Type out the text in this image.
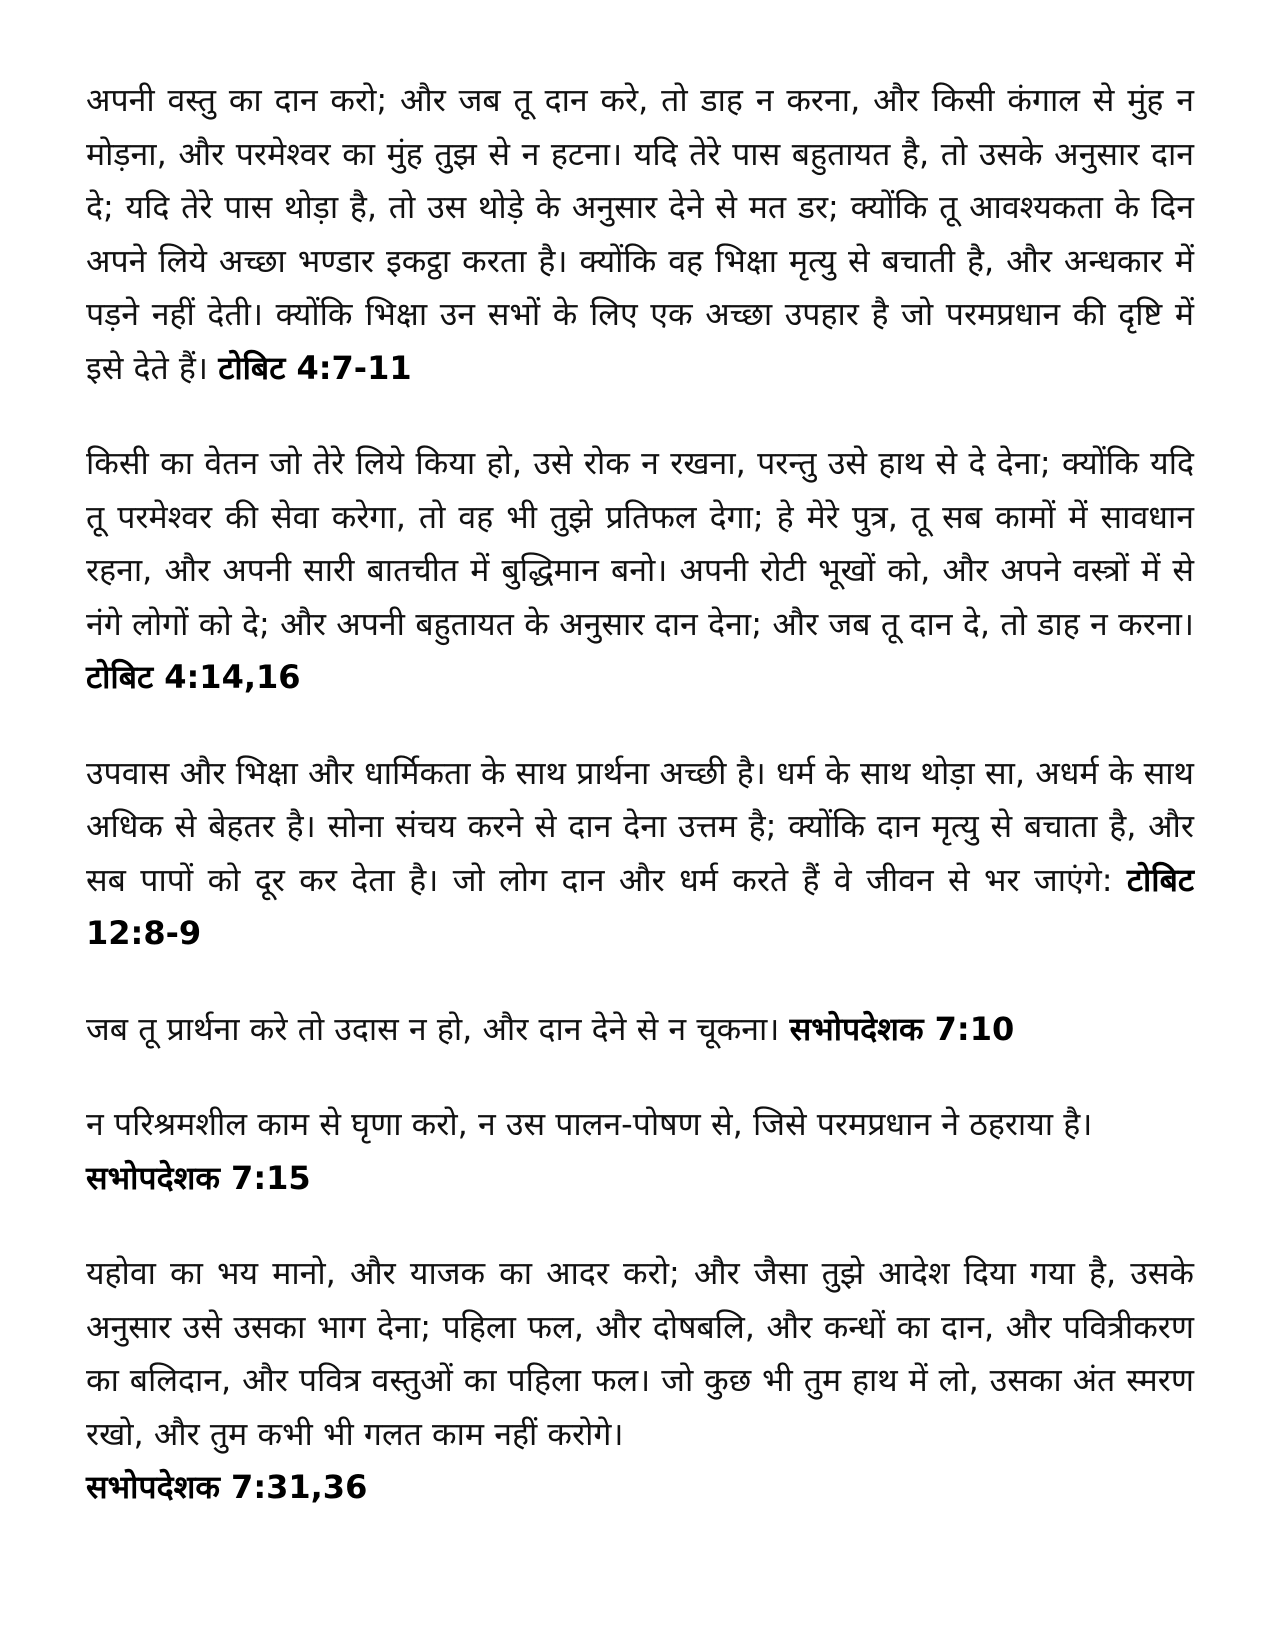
अपनी वस्तु का दान करो; और जब तू दान करे, तो डाह न करना, और किसी कंगाल से मुंह न मोड़ना, और परमेश्वर का मुंह तुझ से न हटना। यदि तेरे पास बहुतायत है, तो उसके अनुसार दान दे; यदि तेरे पास थोड़ा है, तो उस थोड़े के अनुसार देने से मत डर; क्योंकि तू आवश्यकता के दिन अपने लिये अच्छा भण्डार इकट्ठा करता है। क्योंकि वह भिक्षा मृत्यु से बचाती है, और अन्धकार में पड़ने नहीं देती। क्योंकि भिक्षा उन सभों के लिए एक अच्छा उपहार है जो परमप्रधान की दृष्टि में इसे देते हैं। टोबिट 4:7-11

किसी का वेतन जो तेरे लिये किया हो, उसे रोक न रखना, परन्तु उसे हाथ से दे देना; क्योंकि यदि तू परमेश्वर की सेवा करेगा, तो वह भी तुझे प्रतिफल देगा; हे मेरे पुत्र, तू सब कामों में सावधान रहना, और अपनी सारी बातचीत में बुद्धिमान बनो। अपनी रोटी भूखों को, और अपने वस्त्रों में से नंगे लोगों को दे; और अपनी बहुतायत के अनुसार दान देना; और जब तू दान दे, तो डाह न करना। टोबिट 4:14,16

उपवास और भिक्षा और धार्मिकता के साथ प्रार्थना अच्छी है। धर्म के साथ थोड़ा सा, अधर्म के साथ अधिक से बेहतर है। सोना संचय करने से दान देना उत्तम है; क्योंकि दान मृत्यु से बचाता है, और सब पापों को दूर कर देता है। जो लोग दान और धर्म करते हैं वे जीवन से भर जाएंगे: टोबिट 12:8-9

जब तू प्रार्थना करे तो उदास न हो, और दान देने से न चूकना। सभोपदेशक 7:10

न परिश्रमशील काम से घृणा करो, न उस पालन-पोषण से, जिसे परमप्रधान ने ठहराया है।
सभोपदेशक 7:15

यहोवा का भय मानो, और याजक का आदर करो; और जैसा तुझे आदेश दिया गया है, उसके अनुसार उसे उसका भाग देना; पहिला फल, और दोषबलि, और कन्धों का दान, और पवित्रीकरण का बलिदान, और पवित्र वस्तुओं का पहिला फल। जो कुछ भी तुम हाथ में लो, उसका अंत स्मरण रखो, और तुम कभी भी गलत काम नहीं करोगे।
सभोपदेशक 7:31,36
